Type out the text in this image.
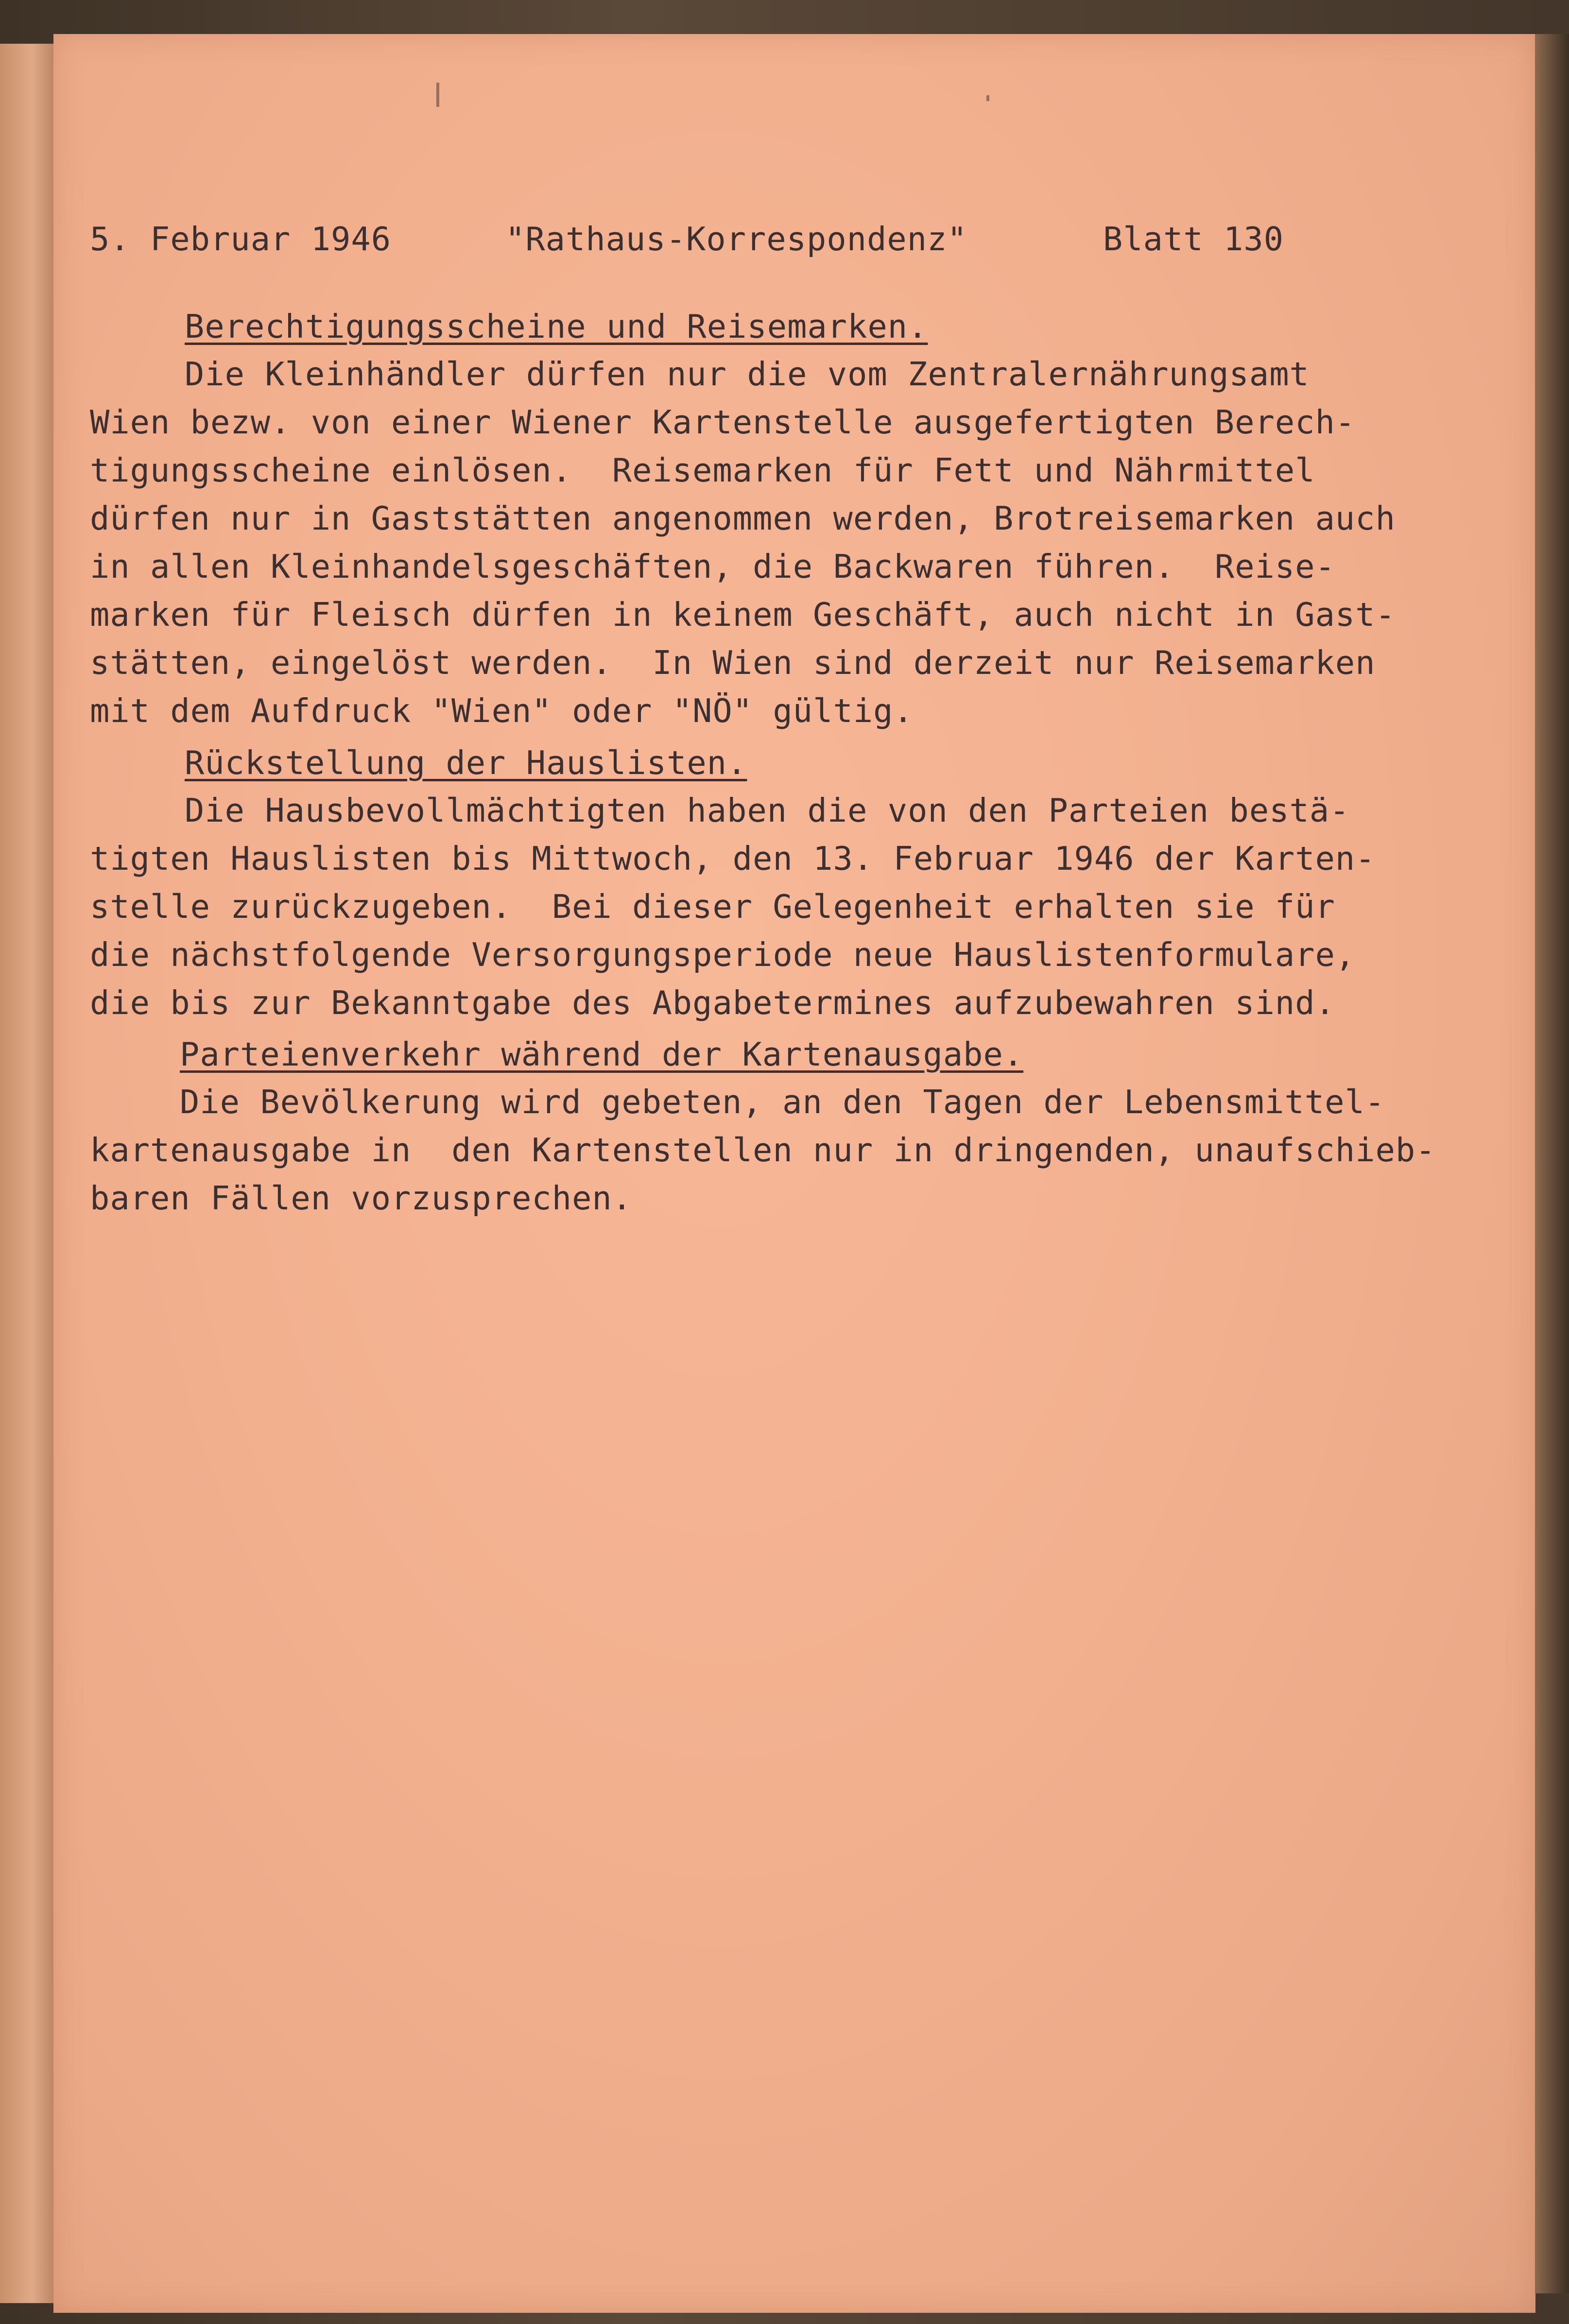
5. Februar 1946	"Rathaus-Korrespondenz"	Blatt 130
Berechtigungsscheine und Reisemarken.
Die Kleinhändler dürfen nur die vom Zentralernährungsamt
Wien bezw. von einer Wiener Kartenstelle ausgefertigten Berech-
tigungsscheine einlösen.  Reisemarken für Fett und Nährmittel
dürfen nur in Gaststätten angenommen werden, Brotreisemarken auch
in allen Kleinhandelsgeschäften, die Backwaren führen.  Reise-
marken für Fleisch dürfen in keinem Geschäft, auch nicht in Gast-
stätten, eingelöst werden.  In Wien sind derzeit nur Reisemarken
mit dem Aufdruck "Wien" oder "NÖ" gültig.
Rückstellung der Hauslisten.
Die Hausbevollmächtigten haben die von den Parteien bestä-
tigten Hauslisten bis Mittwoch, den 13. Februar 1946 der Karten-
stelle zurückzugeben.  Bei dieser Gelegenheit erhalten sie für
die nächstfolgende Versorgungsperiode neue Hauslistenformulare,
die bis zur Bekanntgabe des Abgabetermines aufzubewahren sind.
Parteienverkehr während der Kartenausgabe.
Die Bevölkerung wird gebeten, an den Tagen der Lebensmittel-
kartenausgabe in  den Kartenstellen nur in dringenden, unaufschieb-
baren Fällen vorzusprechen.
